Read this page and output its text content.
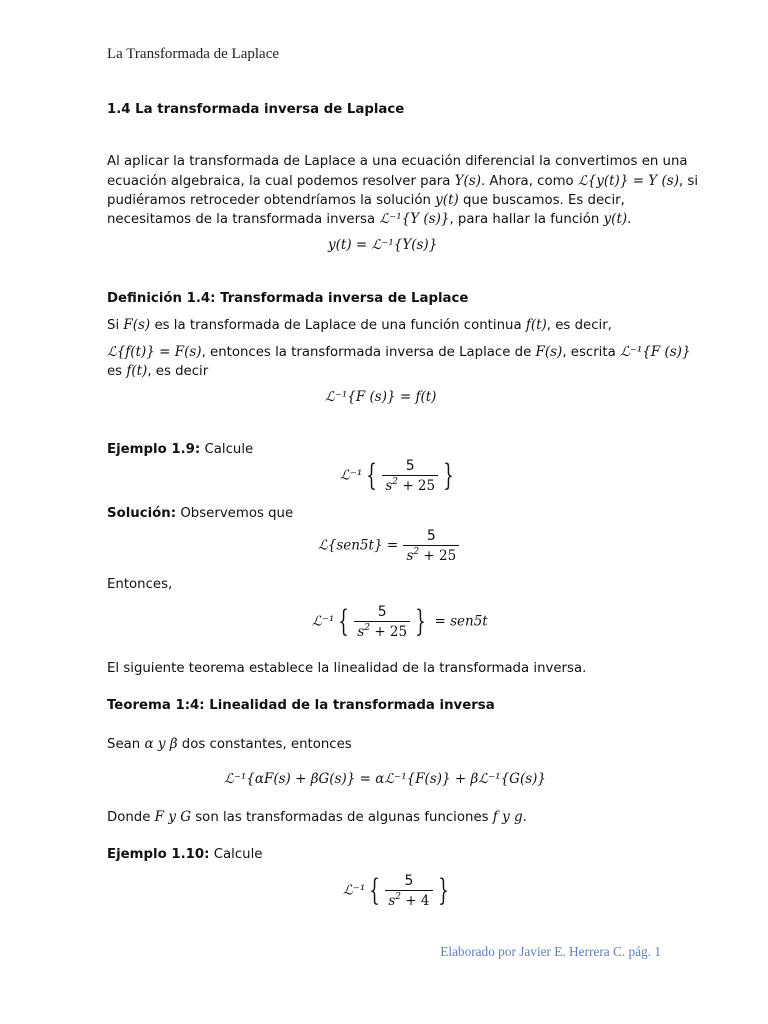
La Transformada de Laplace
1.4 La transformada inversa de Laplace
Al aplicar la transformada de Laplace a una ecuación diferencial la convertimos en una
ecuación algebraica, la cual podemos resolver para Y(s). Ahora, como ℒ{y(t)} = Y (s), si
pudiéramos retroceder obtendríamos la solución y(t) que buscamos. Es decir,
necesitamos de la transformada inversa ℒ⁻¹{Y (s)}, para hallar la función y(t).
y(t) = ℒ⁻¹{Y(s)}
Definición 1.4: Transformada inversa de Laplace
Si F(s) es la transformada de Laplace de una función continua f(t), es decir,
ℒ{f(t)} = F(s), entonces la transformada inversa de Laplace de F(s), escrita ℒ⁻¹{F (s)}
es f(t), es decir
ℒ⁻¹{F (s)} = f(t)
Ejemplo 1.9: Calcule
ℒ⁻¹ { $\frac{5}{s^2 + 25}$ }
Solución: Observemos que
ℒ{sen5t} = $\frac{5}{s^2 + 25}$
Entonces,
ℒ⁻¹ { $\frac{5}{s^2 + 25}$ } = sen5t
El siguiente teorema establece la linealidad de la transformada inversa.
Teorema 1:4: Linealidad de la transformada inversa
Sean α y β dos constantes, entonces
ℒ⁻¹{αF(s) + βG(s)} = αℒ⁻¹{F(s)} + βℒ⁻¹{G(s)}
Donde F y G son las transformadas de algunas funciones f y g.
Ejemplo 1.10: Calcule
ℒ⁻¹ { $\frac{5}{s^2 + 4}$ }
Elaborado por Javier E. Herrera C. pág. 1
